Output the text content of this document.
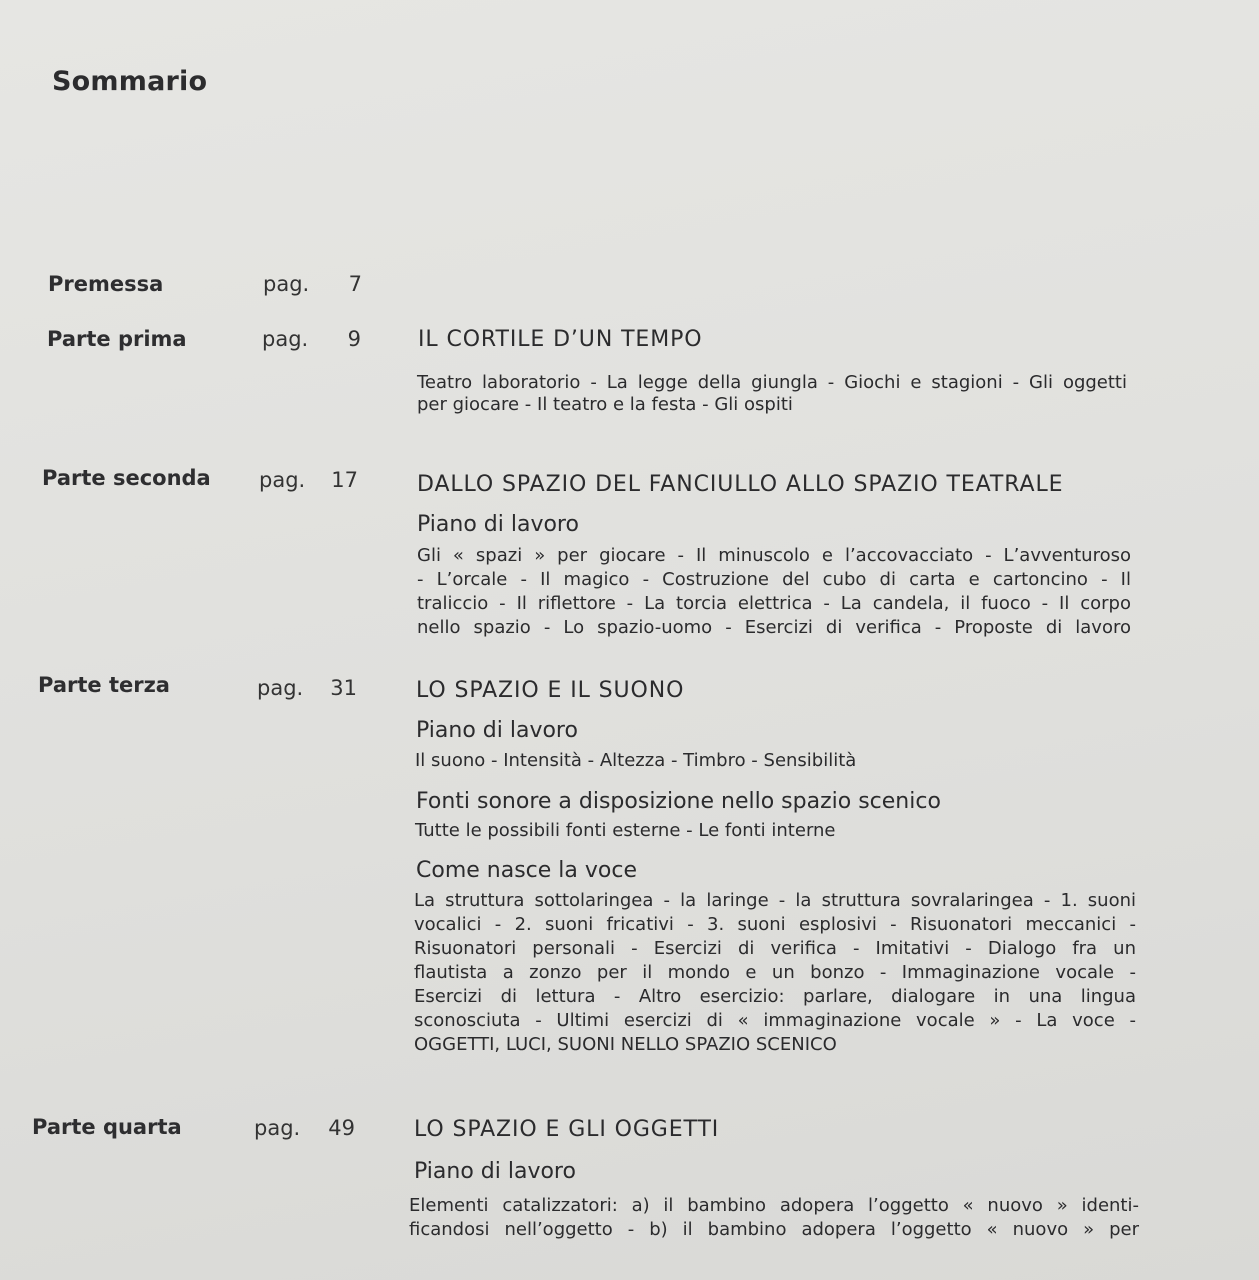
Sommario
Premessa	pag.	7
Parte prima	pag.	9	IL CORTILE D’UN TEMPO
Teatro laboratorio - La legge della giungla - Giochi e stagioni - Gli oggetti
per giocare - Il teatro e la festa - Gli ospiti
Parte seconda pag.	17	DALLO SPAZIO DEL FANCIULLO ALLO SPAZIO TEATRALE
Piano di lavoro
Gli « spazi » per giocare - Il minuscolo e l’accovacciato - L’avventuroso
- L’orcale - Il magico - Costruzione del cubo di carta e cartoncino - Il
traliccio - Il riflettore - La torcia elettrica - La candela, il fuoco - Il corpo
nello spazio - Lo spazio-uomo - Esercizi di verifica - Proposte di lavoro
Parte terza	pag.	31	LO SPAZIO E IL SUONO
Piano di lavoro
Il suono - Intensità - Altezza - Timbro - Sensibilità
Fonti sonore a disposizione nello spazio scenico
Tutte le possibili fonti esterne - Le fonti interne
Come nasce la voce
La struttura sottolaringea - la laringe - la struttura sovralaringea - 1. suoni
vocalici - 2. suoni fricativi - 3. suoni esplosivi - Risuonatori meccanici -
Risuonatori personali - Esercizi di verifica - Imitativi - Dialogo fra un
flautista a zonzo per il mondo e un bonzo - Immaginazione vocale -
Esercizi di lettura - Altro esercizio: parlare, dialogare in una lingua
sconosciuta - Ultimi esercizi di « immaginazione vocale » - La voce -
OGGETTI, LUCI, SUONI NELLO SPAZIO SCENICO
Parte quarta	pag.	49	LO SPAZIO E GLI OGGETTI
Piano di lavoro
Elementi catalizzatori: a) il bambino adopera l’oggetto « nuovo » identi-
ficandosi nell’oggetto - b) il bambino adopera l’oggetto « nuovo » per
